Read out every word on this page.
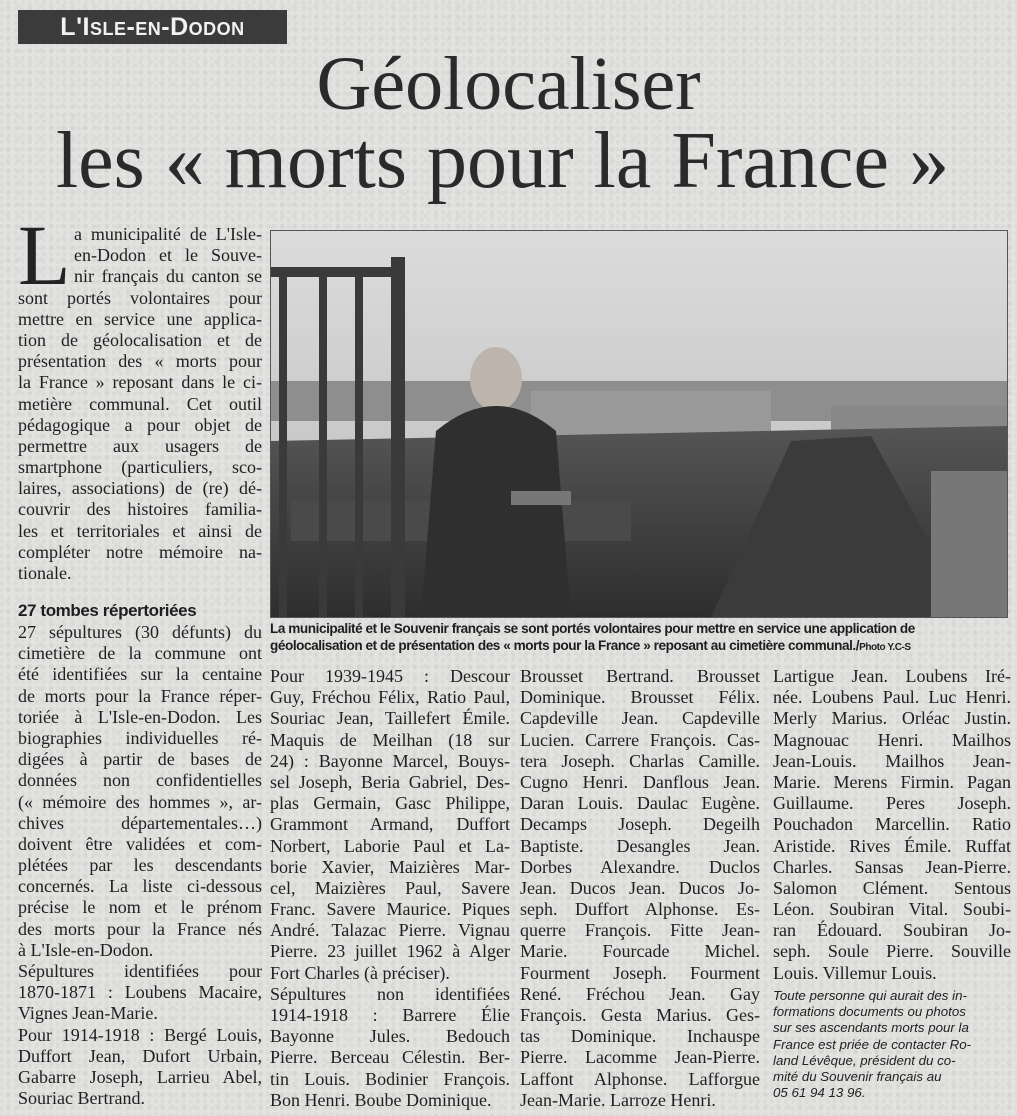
L'Isle-en-Dodon
Géolocaliser
les « morts pour la France »
L a municipalité de L'Isle-
en-Dodon et le Souve-
nir français du canton se
sont portés volontaires pour
mettre en service une applica-
tion de géolocalisation et de
présentation des « morts pour
la France » reposant dans le ci-
metière communal. Cet outil
pédagogique a pour objet de
permettre aux usagers de
smartphone (particuliers, sco-
laires, associations) de (re) dé-
couvrir des histoires familia-
les et territoriales et ainsi de
compléter notre mémoire na-
tionale.
La municipalité et le Souvenir français se sont portés volontaires pour mettre en service une application de
géolocalisation et de présentation des « morts pour la France » reposant au cimetière communal./Photo Y.C-S
27 tombes répertoriées
27 sépultures (30 défunts) du
cimetière de la commune ont
été identifiées sur la centaine
de morts pour la France réper-
toriée à L'Isle-en-Dodon. Les
biographies individuelles ré-
digées à partir de bases de
données non confidentielles
(« mémoire des hommes », ar-
chives départementales…)
doivent être validées et com-
plétées par les descendants
concernés. La liste ci-dessous
précise le nom et le prénom
des morts pour la France nés
à L'Isle-en-Dodon.
Sépultures identifiées pour
1870-1871 : Loubens Macaire,
Vignes Jean-Marie.
Pour 1914-1918 : Bergé Louis,
Duffort Jean, Dufort Urbain,
Gabarre Joseph, Larrieu Abel,
Souriac Bertrand.
Pour 1939-1945 : Descour
Guy, Fréchou Félix, Ratio Paul,
Souriac Jean, Taillefert Émile.
Maquis de Meilhan (18 sur
24) : Bayonne Marcel, Bouys-
sel Joseph, Beria Gabriel, Des-
plas Germain, Gasc Philippe,
Grammont Armand, Duffort
Norbert, Laborie Paul et La-
borie Xavier, Maizières Mar-
cel, Maizières Paul, Savere
Franc. Savere Maurice. Piques
André. Talazac Pierre. Vignau
Pierre. 23 juillet 1962 à Alger
Fort Charles (à préciser).
Sépultures non identifiées
1914-1918 : Barrere Élie
Bayonne Jules. Bedouch
Pierre. Berceau Célestin. Ber-
tin Louis. Bodinier François.
Bon Henri. Boube Dominique.
Brousset Bertrand. Brousset
Dominique. Brousset Félix.
Capdeville Jean. Capdeville
Lucien. Carrere François. Cas-
tera Joseph. Charlas Camille.
Cugno Henri. Danflous Jean.
Daran Louis. Daulac Eugène.
Decamps Joseph. Degeilh
Baptiste. Desangles Jean.
Dorbes Alexandre. Duclos
Jean. Ducos Jean. Ducos Jo-
seph. Duffort Alphonse. Es-
querre François. Fitte Jean-
Marie. Fourcade Michel.
Fourment Joseph. Fourment
René. Fréchou Jean. Gay
François. Gesta Marius. Ges-
tas Dominique. Inchauspe
Pierre. Lacomme Jean-Pierre.
Laffont Alphonse. Lafforgue
Jean-Marie. Larroze Henri.
Lartigue Jean. Loubens Iré-
née. Loubens Paul. Luc Henri.
Merly Marius. Orléac Justin.
Magnouac Henri. Mailhos
Jean-Louis. Mailhos Jean-
Marie. Merens Firmin. Pagan
Guillaume. Peres Joseph.
Pouchadon Marcellin. Ratio
Aristide. Rives Émile. Ruffat
Charles. Sansas Jean-Pierre.
Salomon Clément. Sentous
Léon. Soubiran Vital. Soubi-
ran Édouard. Soubiran Jo-
seph. Soule Pierre. Souville
Louis. Villemur Louis.
Toute personne qui aurait des in-
formations documents ou photos
sur ses ascendants morts pour la
France est priée de contacter Ro-
land Lévêque, président du co-
mité du Souvenir français au
05 61 94 13 96.
